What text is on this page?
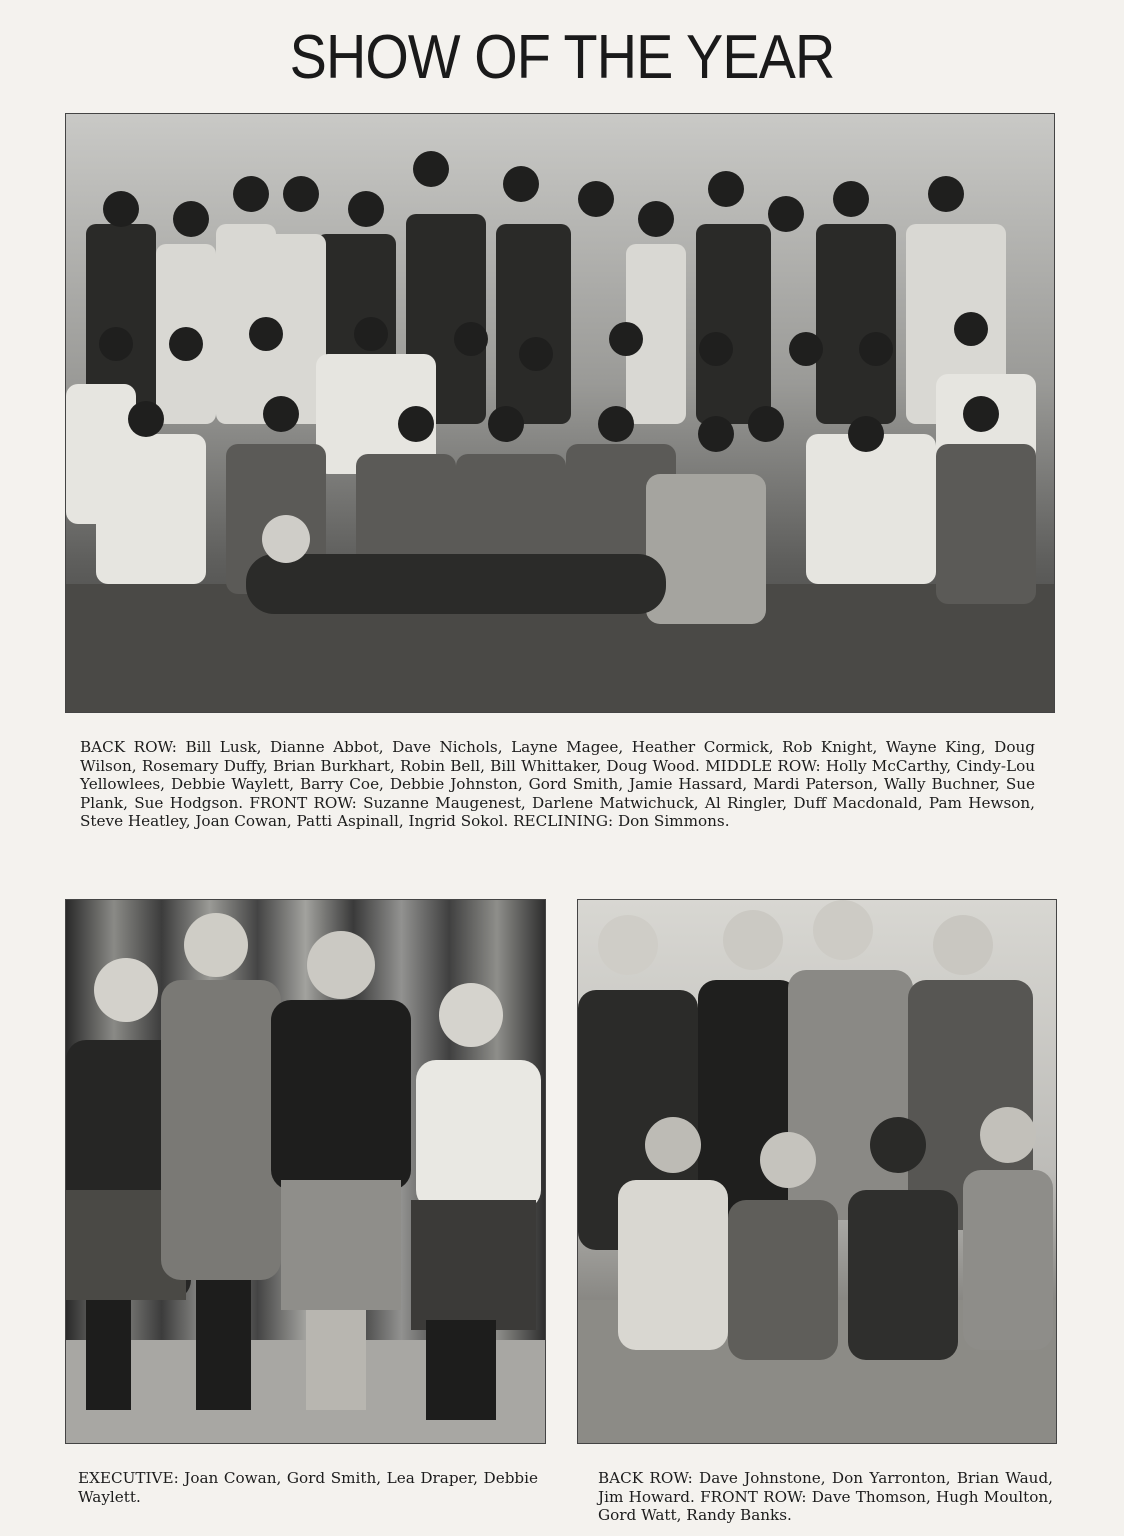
SHOW OF THE YEAR
BACK ROW: Bill Lusk, Dianne Abbot, Dave Nichols, Layne Magee, Heather Cormick, Rob Knight, Wayne King, Doug Wilson, Rosemary Duffy, Brian Burkhart, Robin Bell, Bill Whittaker, Doug Wood. MIDDLE ROW: Holly McCarthy, Cindy-Lou Yellowlees, Debbie Waylett, Barry Coe, Debbie Johnston, Gord Smith, Jamie Hassard, Mardi Paterson, Wally Buchner, Sue Plank, Sue Hodgson. FRONT ROW: Suzanne Maugenest, Darlene Matwichuck, Al Ringler, Duff Macdonald, Pam Hewson, Steve Heatley, Joan Cowan, Patti Aspinall, Ingrid Sokol. RECLINING: Don Simmons.
EXECUTIVE: Joan Cowan, Gord Smith, Lea Draper, Debbie Waylett.
BACK ROW: Dave Johnstone, Don Yarronton, Brian Waud, Jim Howard. FRONT ROW: Dave Thomson, Hugh Moulton, Gord Watt, Randy Banks.
